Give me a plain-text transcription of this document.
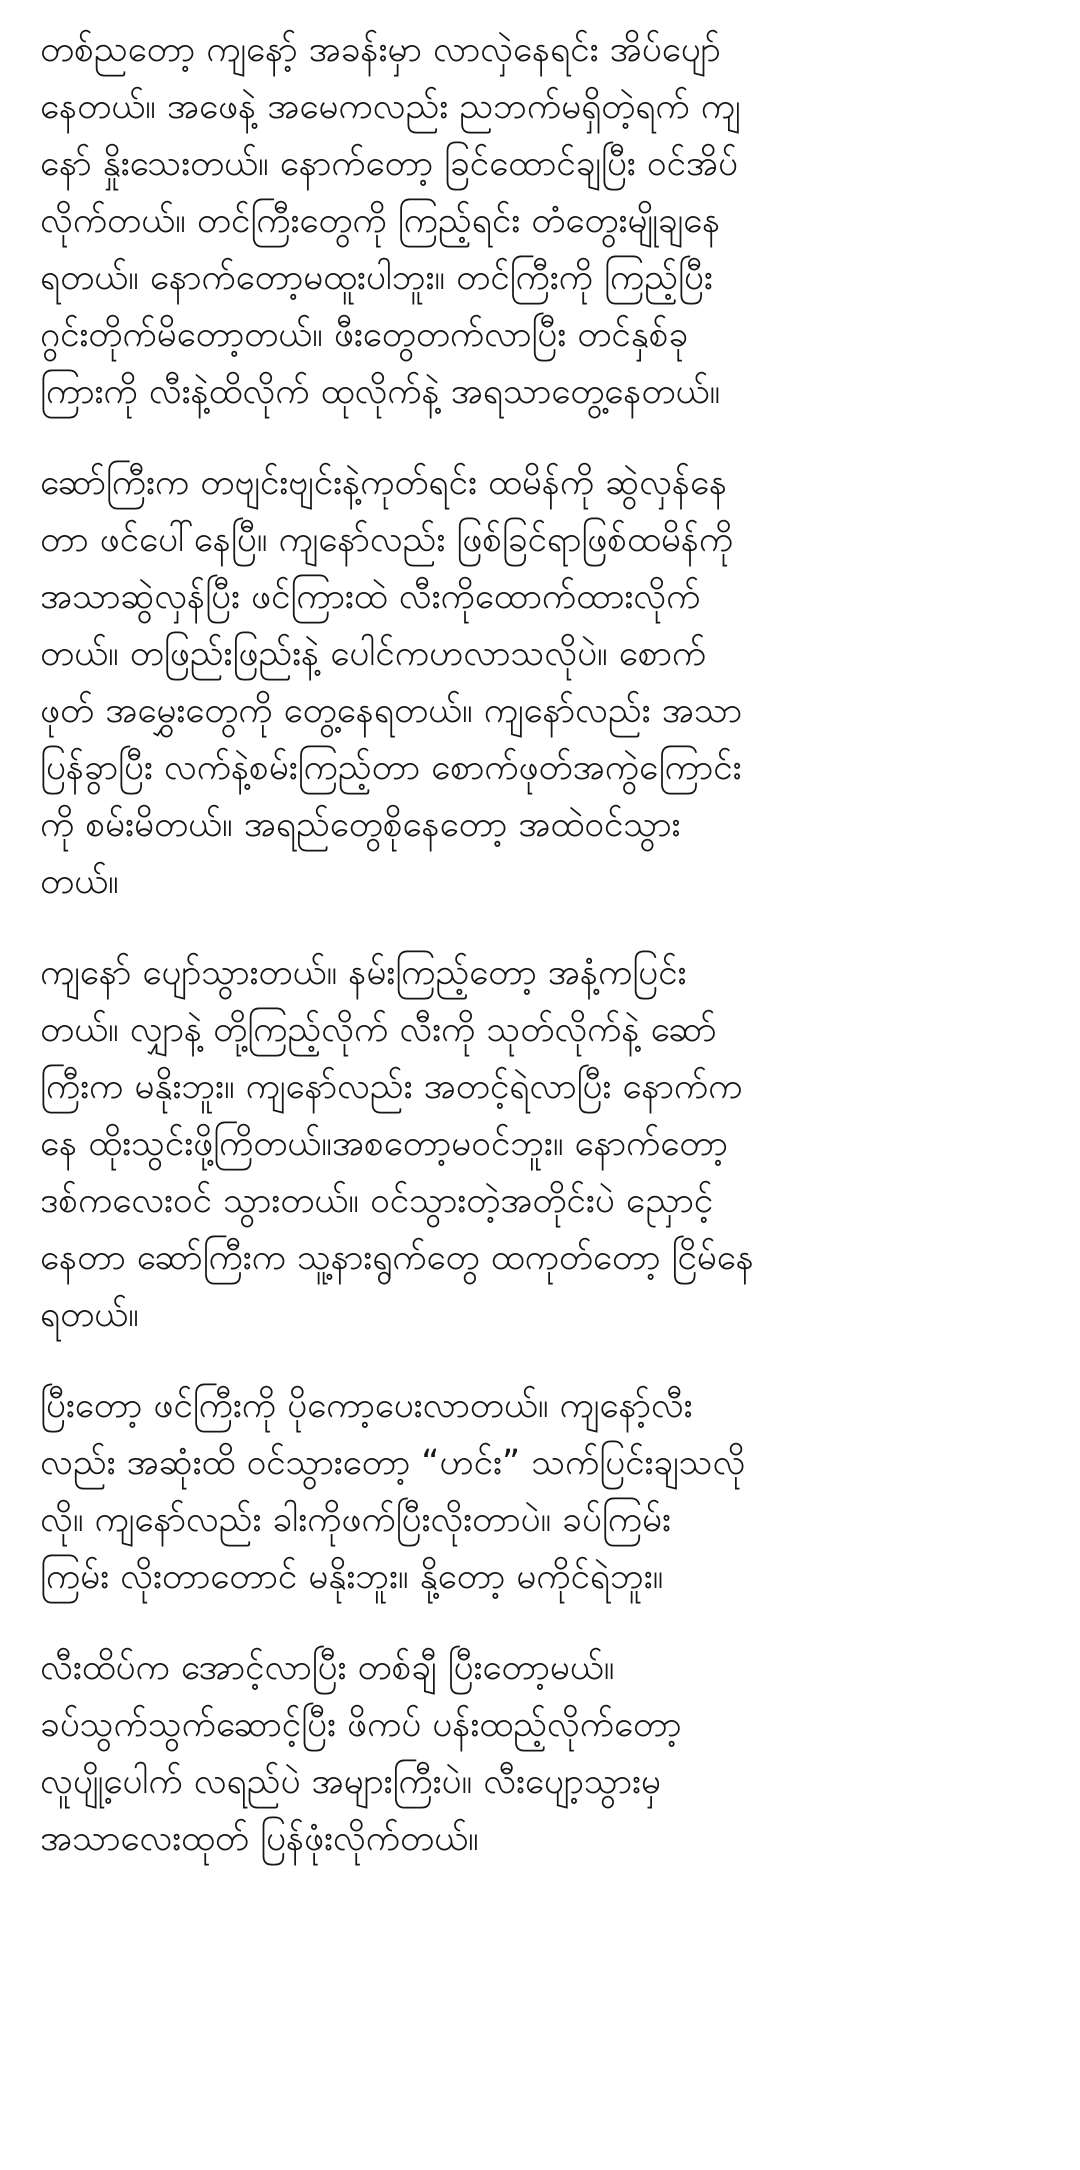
တစ်ညတော့ ကျနော့် အခန်းမှာ လာလှဲနေရင်း အိပ်ပျော်
နေတယ်။ အဖေနဲ့ အမေကလည်း ညဘက်မရှိတဲ့ရက် ကျ
နော် နှိုးသေးတယ်။ နောက်တော့ ခြင်ထောင်ချပြီး ဝင်အိပ်
လိုက်တယ်။ တင်ကြီးတွေကို ကြည့်ရင်း တံတွေးမျိုချနေ
ရတယ်။ နောက်တော့မထူးပါဘူး။ တင်ကြီးကို ကြည့်ပြီး
ဂွင်းတိုက်မိတော့တယ်။ ဖီးတွေတက်လာပြီး တင်နှစ်ခု
ကြားကို လီးနဲ့ထိလိုက် ထုလိုက်နဲ့ အရသာတွေ့နေတယ်။

ဆော်ကြီးက တဗျင်းဗျင်းနဲ့ကုတ်ရင်း ထမိန်ကို ဆွဲလှန်နေ
တာ ဖင်ပေါ်နေပြီ။ ကျနော်လည်း ဖြစ်ခြင်ရာဖြစ်ထမိန်ကို
အသာဆွဲလှန်ပြီး ဖင်ကြားထဲ လီးကိုထောက်ထားလိုက်
တယ်။ တဖြည်းဖြည်းနဲ့ ပေါင်ကဟလာသလိုပဲ။ စောက်
ဖုတ် အမွှေးတွေကို တွေ့နေရတယ်။ ကျနော်လည်း အသာ
ပြန်ခွာပြီး လက်နဲ့စမ်းကြည့်တာ စောက်ဖုတ်အကွဲကြောင်း
ကို စမ်းမိတယ်။ အရည်တွေစိုနေတော့ အထဲဝင်သွား
တယ်။

ကျနော် ပျော်သွားတယ်။ နမ်းကြည့်တော့ အနံ့ကပြင်း
တယ်။ လျှာနဲ့ တို့ကြည့်လိုက် လီးကို သုတ်လိုက်နဲ့ ဆော်
ကြီးက မနိုးဘူး။ ကျနော်လည်း အတင့်ရဲလာပြီး နောက်က
နေ ထိုးသွင်းဖို့ကြိတယ်။အစတော့မဝင်ဘူး။ နောက်တော့
ဒစ်ကလေးဝင် သွားတယ်။ ဝင်သွားတဲ့အတိုင်းပဲ ညှောင့်
နေတာ ဆော်ကြီးက သူ့နားရွက်တွေ ထကုတ်တော့ ငြိမ်နေ
ရတယ်။

ပြီးတော့ ဖင်ကြီးကို ပိုကော့ပေးလာတယ်။ ကျနော့်လီး
လည်း အဆုံးထိ ဝင်သွားတော့ “ဟင်း” သက်ပြင်းချသလို
လို။ ကျနော်လည်း ခါးကိုဖက်ပြီးလိုးတာပဲ။ ခပ်ကြမ်း
ကြမ်း လိုးတာတောင် မနိုးဘူး။ နို့တော့ မကိုင်ရဲဘူး။

လီးထိပ်က အောင့်လာပြီး တစ်ချီ ပြီးတော့မယ်။
ခပ်သွက်သွက်ဆောင့်ပြီး ဖိကပ် ပန်းထည့်လိုက်တော့
လူပျို့ပေါက် လရည်ပဲ အများကြီးပဲ။ လီးပျော့သွားမှ
အသာလေးထုတ် ပြန်ဖုံးလိုက်တယ်။
